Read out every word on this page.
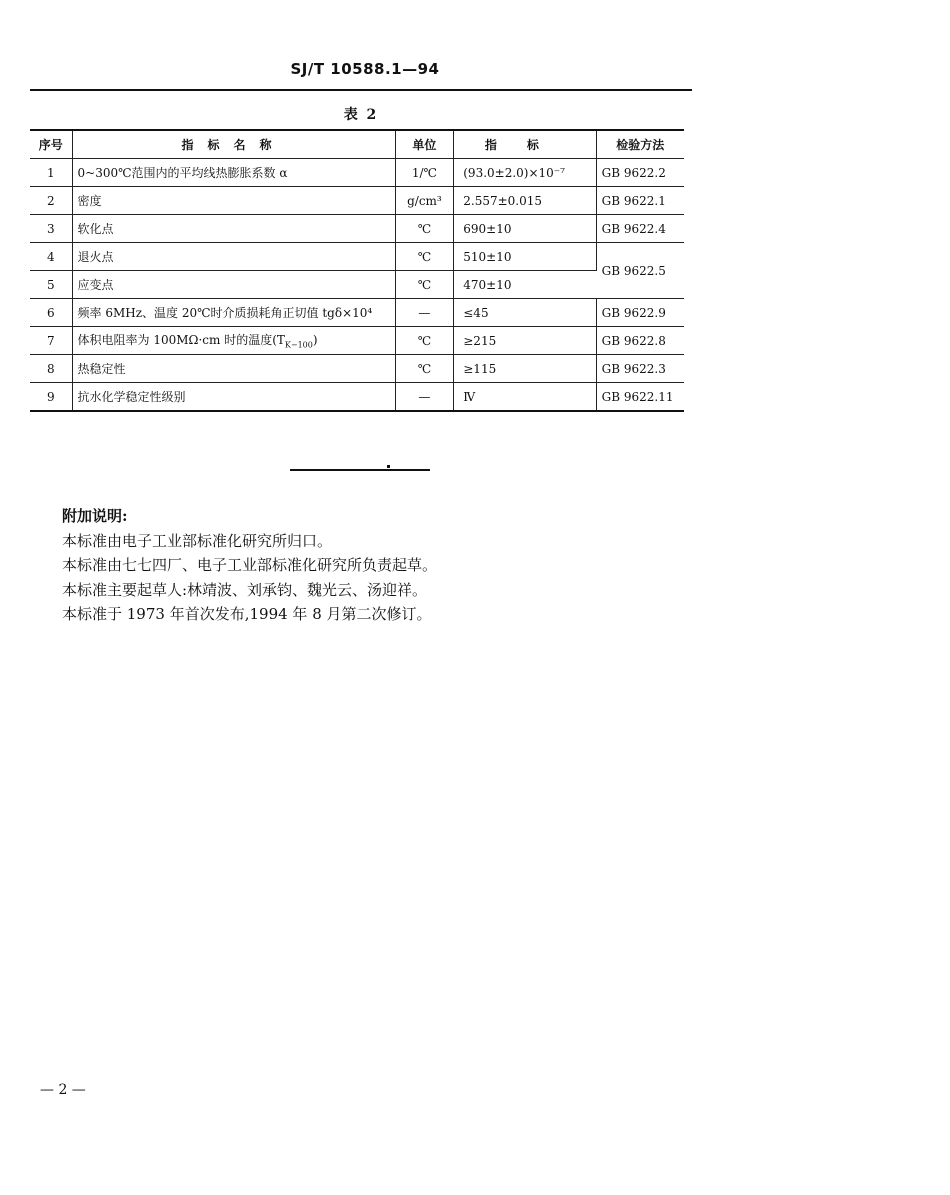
SJ/T 10588.1—94
表 2
序号	指标名称	单位	指标	检验方法
1	0~300℃范围内的平均线热膨胀系数 α	1/℃	(93.0±2.0)×10⁻⁷	GB 9622.2
2	密度	g/cm³	2.557±0.015	GB 9622.1
3	软化点	℃	690±10	GB 9622.4
4	退火点	℃	510±10	GB 9622.5
5	应变点	℃	470±10	
6	频率 6MHz、温度 20℃时介质损耗角正切值 tgδ×10⁴	—	≤45	GB 9622.9
7	体积电阻率为 100MΩ·cm 时的温度$(T_{K-100})$	℃	≥215	GB 9622.8
8	热稳定性	℃	≥115	GB 9622.3
9	抗水化学稳定性级别	—	Ⅳ	GB 9622.11
附加说明:
本标准由电子工业部标准化研究所归口。
本标准由七七四厂、电子工业部标准化研究所负责起草。
本标准主要起草人:林靖波、刘承钧、魏光云、汤迎祥。
本标准于 1973 年首次发布,1994 年 8 月第二次修订。
— 2 —
